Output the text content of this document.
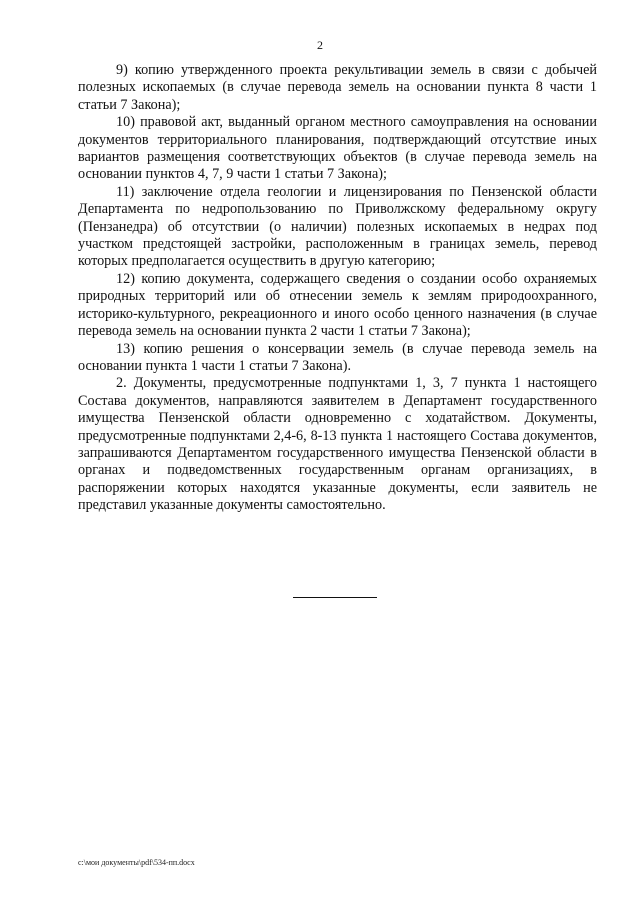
2

9) копию утвержденного проекта рекультивации земель в связи с добычей полезных ископаемых (в случае перевода земель на основании пункта 8 части 1 статьи 7 Закона);

10) правовой акт, выданный органом местного самоуправления на основании документов территориального планирования, подтверждающий отсутствие иных вариантов размещения соответствующих объектов (в случае перевода земель на основании пунктов 4, 7, 9 части 1 статьи 7 Закона);

11) заключение отдела геологии и лицензирования по Пензенской области Департамента по недропользованию по Приволжскому федеральному округу (Пензанедра) об отсутствии (о наличии) полезных ископаемых в недрах под участком предстоящей застройки, расположенным в границах земель, перевод которых предполагается осуществить в другую категорию;

12) копию документа, содержащего сведения о создании особо охраняемых природных территорий или об отнесении земель к землям природоохранного, историко-культурного, рекреационного и иного особо ценного назначения (в случае перевода земель на основании пункта 2 части 1 статьи 7 Закона);

13) копию решения о консервации земель (в случае перевода земель на основании пункта 1 части 1 статьи 7 Закона).

2. Документы, предусмотренные подпунктами 1, 3, 7 пункта 1 настоящего Состава документов, направляются заявителем в Департамент государственного имущества Пензенской области одновременно с ходатайством. Документы, предусмотренные подпунктами 2,4-6, 8-13 пункта 1 настоящего Состава документов, запрашиваются Департаментом государственного имущества Пензенской области в органах и подведомственных государственным органам организациях, в распоряжении которых находятся указанные документы, если заявитель не представил указанные документы самостоятельно.

c:\мои документы\pdf\534-пп.docx
